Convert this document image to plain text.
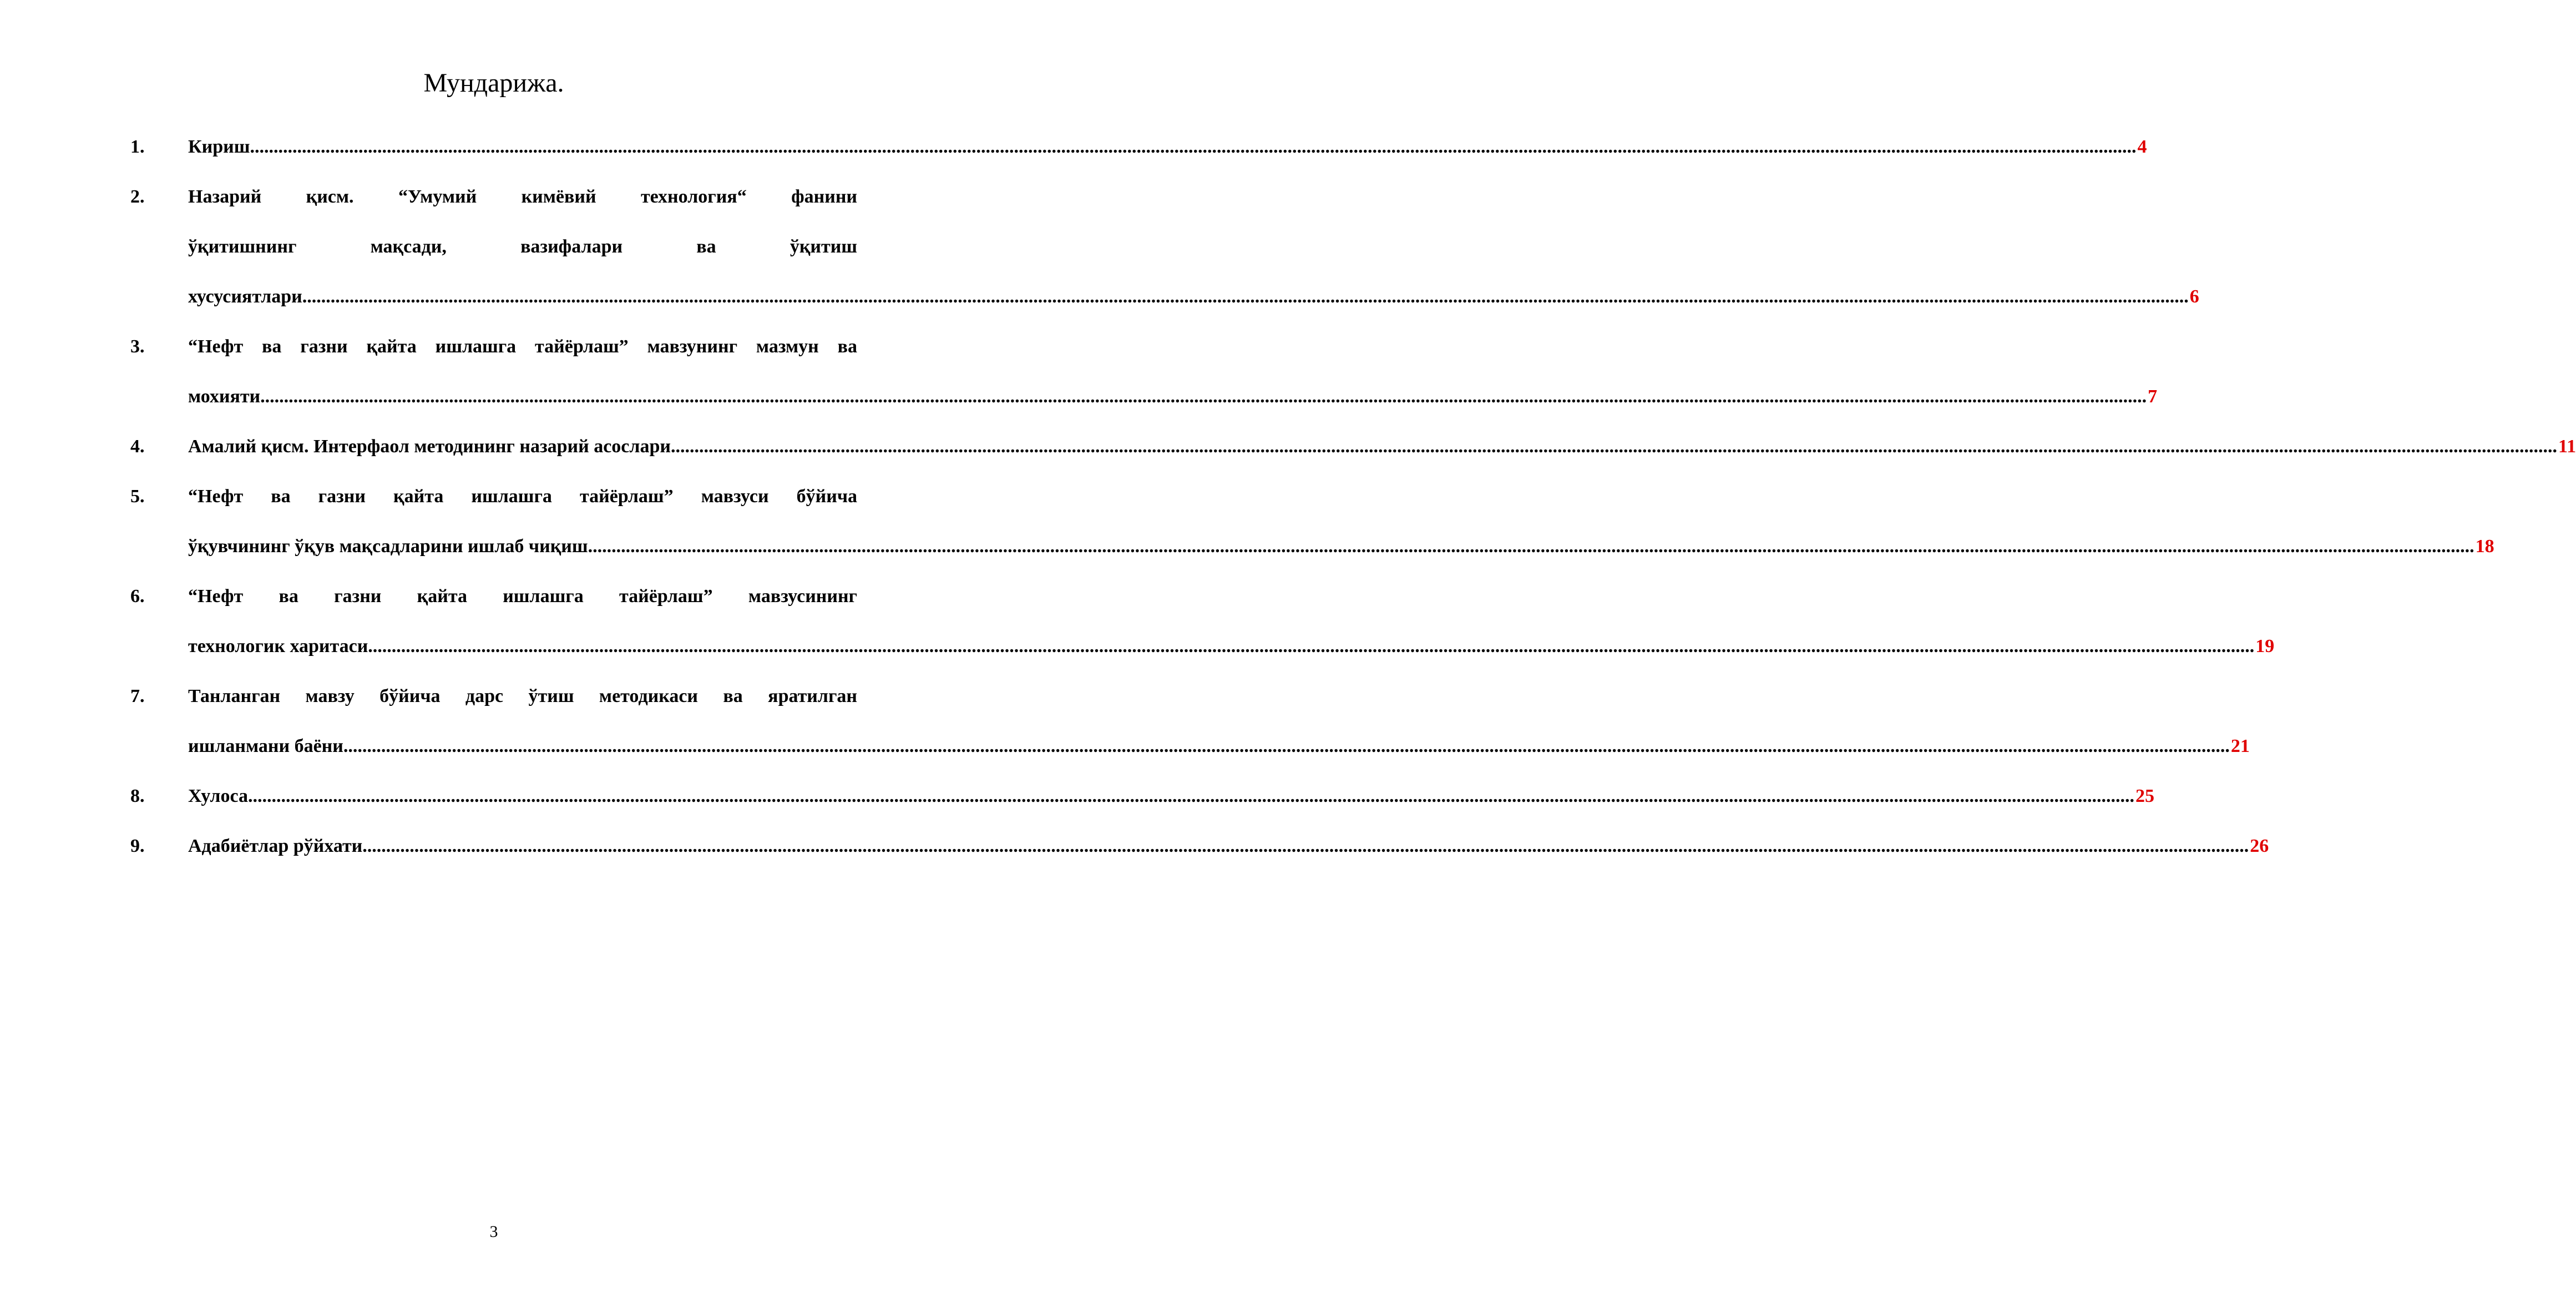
Мундарижа.
1. Кириш ................................................................................................................................................................................................................................................................................................................................................................................................................ 4
2. Назарий қисм. “Умумий кимёвий технология“ фанини
ўқитишнинг мақсади, вазифалари ва ўқитиш
хусусиятлари ................................................................................................................................................................................................................................................................................................................................................................................................................ 6
3. “Нефт ва газни қайта ишлашга тайёрлаш” мавзунинг мазмун ва
мохияти ................................................................................................................................................................................................................................................................................................................................................................................................................ 7
4. Амалий қисм. Интерфаол методининг назарий асослари ................................................................................................................................................................................................................................................................................................................................................................................................................ 11
5. “Нефт ва газни қайта ишлашга тайёрлаш” мавзуси бўйича
ўқувчининг ўқув мақсадларини ишлаб чиқиш ................................................................................................................................................................................................................................................................................................................................................................................................................ 18
6. “Нефт ва газни қайта ишлашга тайёрлаш” мавзусининг
технологик харитаси ................................................................................................................................................................................................................................................................................................................................................................................................................ 19
7. Танланган мавзу бўйича дарс ўтиш методикаси ва яратилган
ишланмани баёни ................................................................................................................................................................................................................................................................................................................................................................................................................ 21
8. Хулоса ................................................................................................................................................................................................................................................................................................................................................................................................................ 25
9. Адабиётлар рўйхати ................................................................................................................................................................................................................................................................................................................................................................................................................ 26
3
